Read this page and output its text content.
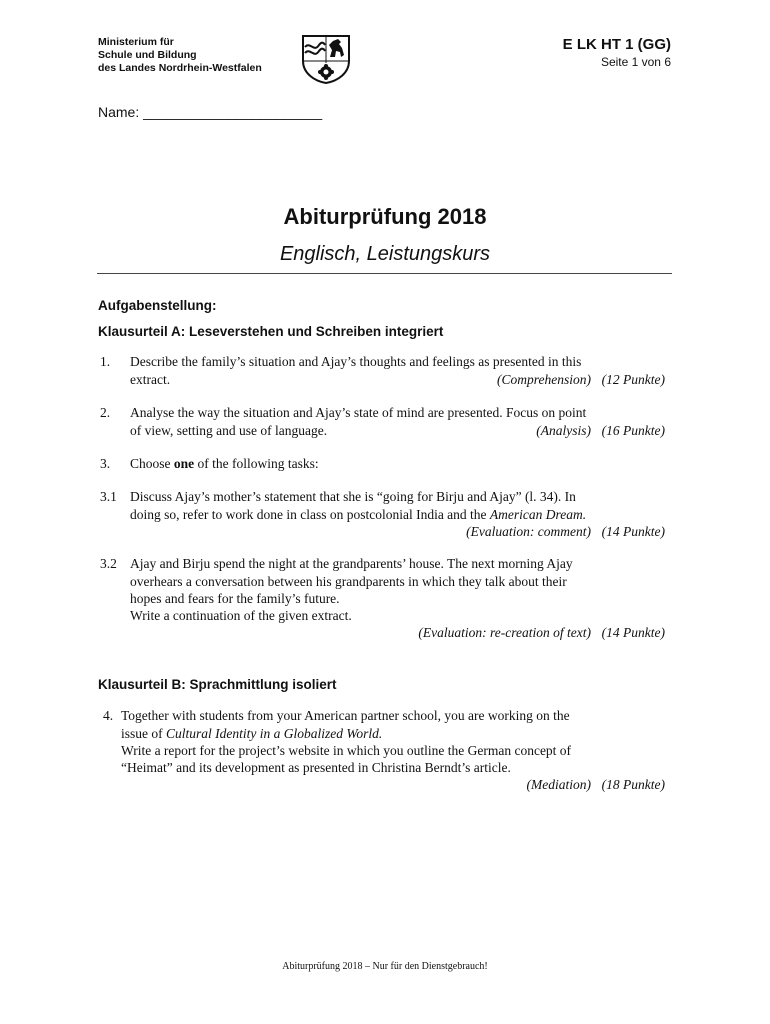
Ministerium für
Schule und Bildung
des Landes Nordrhein-Westfalen
E LK HT 1 (GG)
Seite 1 von 6
Name: _______________________
Abiturprüfung 2018
Englisch, Leistungskurs
Aufgabenstellung:
Klausurteil A: Leseverstehen und Schreiben integriert
1. Describe the family’s situation and Ajay’s thoughts and feelings as presented in this
extract.	(Comprehension) (12 Punkte)
2. Analyse the way the situation and Ajay’s state of mind are presented. Focus on point
of view, setting and use of language.	(Analysis) (16 Punkte)
3. Choose one of the following tasks:
3.1 Discuss Ajay’s mother’s statement that she is “going for Birju and Ajay” (l. 34). In
doing so, refer to work done in class on postcolonial India and the American Dream.
(Evaluation: comment) (14 Punkte)
3.2 Ajay and Birju spend the night at the grandparents’ house. The next morning Ajay
overhears a conversation between his grandparents in which they talk about their
hopes and fears for the family’s future.
Write a continuation of the given extract.
(Evaluation: re-creation of text) (14 Punkte)
Klausurteil B: Sprachmittlung isoliert
4. Together with students from your American partner school, you are working on the
issue of Cultural Identity in a Globalized World.
Write a report for the project’s website in which you outline the German concept of
“Heimat” and its development as presented in Christina Berndt’s article.
(Mediation) (18 Punkte)
Abiturprüfung 2018 – Nur für den Dienstgebrauch!
